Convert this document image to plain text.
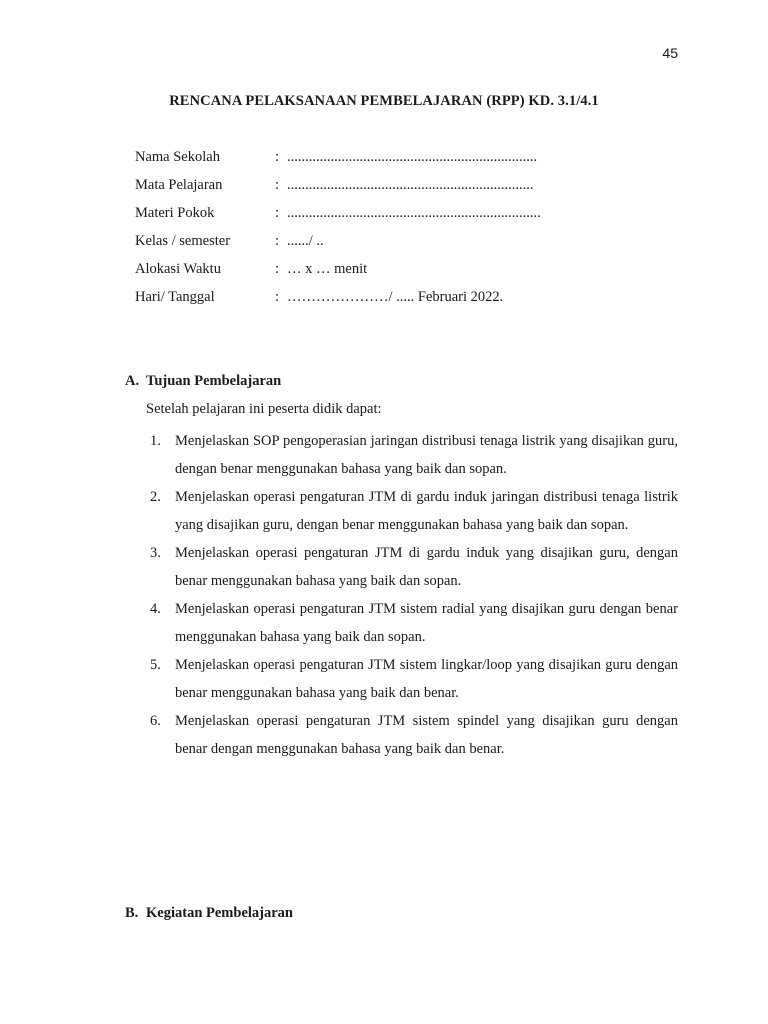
45
RENCANA PELAKSANAAN PEMBELAJARAN (RPP) KD. 3.1/4.1
Nama Sekolah	: .....................................................................
Mata Pelajaran	: ....................................................................
Materi Pokok	: ......................................................................
Kelas / semester	: ....../ ..
Alokasi Waktu	: … x … menit
Hari/ Tanggal	: …………………/ ..... Februari 2022.
A. Tujuan Pembelajaran
Setelah pelajaran ini peserta didik dapat:
1. Menjelaskan SOP pengoperasian jaringan distribusi tenaga listrik yang disajikan guru, dengan benar menggunakan bahasa yang baik dan sopan.
2. Menjelaskan operasi pengaturan JTM di gardu induk jaringan distribusi tenaga listrik yang disajikan guru, dengan benar menggunakan bahasa yang baik dan sopan.
3. Menjelaskan operasi pengaturan JTM di gardu induk yang disajikan guru, dengan benar menggunakan bahasa yang baik dan sopan.
4. Menjelaskan operasi pengaturan JTM sistem radial yang disajikan guru dengan benar menggunakan bahasa yang baik dan sopan.
5. Menjelaskan operasi pengaturan JTM sistem lingkar/loop yang disajikan guru dengan benar menggunakan bahasa yang baik dan benar.
6. Menjelaskan operasi pengaturan JTM sistem spindel yang disajikan guru dengan benar dengan menggunakan bahasa yang baik dan benar.
B. Kegiatan Pembelajaran
